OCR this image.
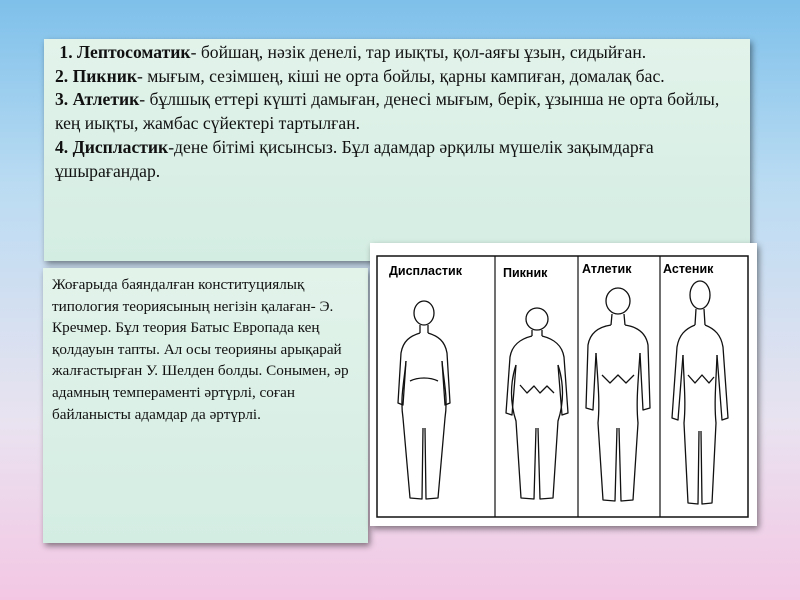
1. Лептосоматик- бойшаң, нәзік денелі, тар иықты, қол-аяғы ұзын, сидыйған.

2. Пикник- мығым, сезімшең, кіші не орта бойлы, қарны кампиған, домалақ бас.

3. Атлетик- бұлшық еттері күшті дамыған, денесі мығым, берік, ұзынша не орта бойлы, кең иықты, жамбас сүйектері тартылған.

4. Диспластик-дене бітімі қисынсыз. Бұл адамдар әрқилы мүшелік зақымдарға ұшырағандар.

Жоғарыда баяндалған конституциялық типология теориясының негізін қалаған- Э. Кречмер. Бұл теория Батыс Европада кең қолдауын тапты. Ал осы теорияны арықарай жалғастырған У. Шелден болды. Сонымен, әр адамның темпераменті әртүрлі, соған байланысты адамдар да әртүрлі.
Диспластик	Пикник	Атлетик	Астеник
